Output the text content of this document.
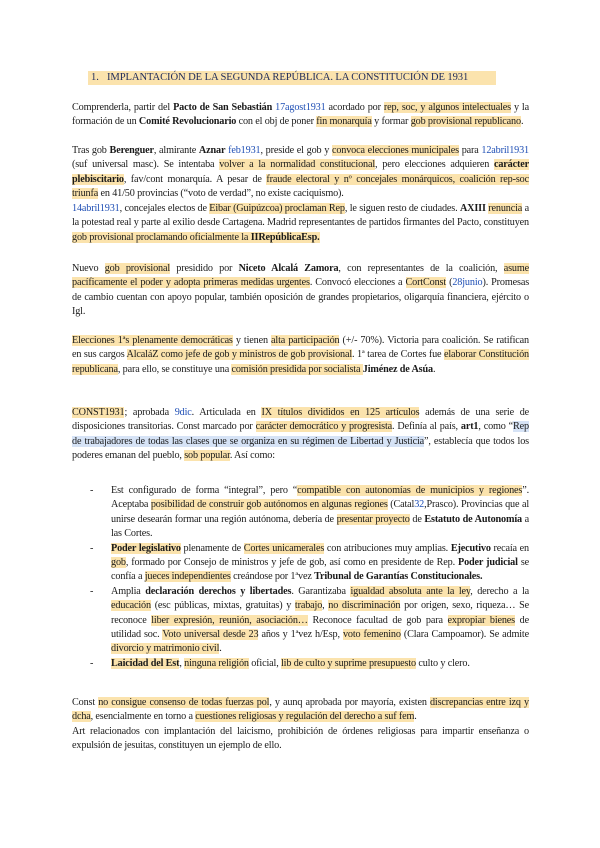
1. IMPLANTACIÓN DE LA SEGUNDA REPÚBLICA. LA CONSTITUCIÓN DE 1931
Comprenderla, partir del Pacto de San Sebastián 17agost1931 acordado por rep, soc, y algunos intelectuales y la formación de un Comité Revolucionario con el obj de poner fin monarquía y formar gob provisional republicano.
Tras gob Berenguer, almirante Aznar feb1931, preside el gob y convoca elecciones municipales para 12abril1931 (suf universal masc). Se intentaba volver a la normalidad constitucional, pero elecciones adquieren carácter plebiscitario, fav/cont monarquía. A pesar de fraude electoral y nº concejales monárquicos, coalición rep-soc triunfa en 41/50 provincias (“voto de verdad”, no existe caciquismo).
14abril1931, concejales electos de Eibar (Guipúzcoa) proclaman Rep, le siguen resto de ciudades. AXIII renuncia a la potestad real y parte al exilio desde Cartagena. Madrid representantes de partidos firmantes del Pacto, constituyen gob provisional proclamando oficialmente la IIRepúblicaEsp.
Nuevo gob provisional presidido por Niceto Alcalá Zamora, con representantes de la coalición, asume pacíficamente el poder y adopta primeras medidas urgentes. Convocó elecciones a CortConst (28junio). Promesas de cambio cuentan con apoyo popular, también oposición de grandes propietarios, oligarquía financiera, ejército o Igl.
Elecciones 1ªs plenamente democráticas y tienen alta participación (+/- 70%). Victoria para coalición. Se ratifican en sus cargos AlcaláZ como jefe de gob y ministros de gob provisional. 1ª tarea de Cortes fue elaborar Constitución republicana, para ello, se constituye una comisión presidida por socialista Jiménez de Asúa.
CONST1931; aprobada 9dic. Articulada en IX títulos divididos en 125 artículos además de una serie de disposiciones transitorias. Const marcado por carácter democrático y progresista. Definía al país, art1, como “Rep de trabajadores de todas las clases que se organiza en su régimen de Libertad y Justicia”, establecía que todos los poderes emanan del pueblo, sob popular. Así como:
- Est configurado de forma “integral”, pero “compatible con autonomías de municipios y regiones”. Aceptaba posibilidad de construir gob autónomos en algunas regiones (Catal32,Prasco). Provincias que al unirse desearán formar una región autónoma, debería de presentar proyecto de Estatuto de Autonomía a las Cortes.
- Poder legislativo plenamente de Cortes unicamerales con atribuciones muy amplias. Ejecutivo recaía en gob, formado por Consejo de ministros y jefe de gob, así como en presidente de Rep. Poder judicial se confía a jueces independientes creándose por 1ªvez Tribunal de Garantías Constitucionales.
- Amplia declaración derechos y libertades. Garantizaba igualdad absoluta ante la ley, derecho a la educación (esc públicas, mixtas, gratuitas) y trabajo, no discriminación por origen, sexo, riqueza… Se reconoce liber expresión, reunión, asociación… Reconoce facultad de gob para expropiar bienes de utilidad soc. Voto universal desde 23 años y 1ªvez h/Esp, voto femenino (Clara Campoamor). Se admite divorcio y matrimonio civil.
- Laicidad del Est, ninguna religión oficial, lib de culto y suprime presupuesto culto y clero.
Const no consigue consenso de todas fuerzas pol, y aunq aprobada por mayoría, existen discrepancias entre izq y dcha, esencialmente en torno a cuestiones religiosas y regulación del derecho a suf fem.
Art relacionados con implantación del laicismo, prohibición de órdenes religiosas para impartir enseñanza o expulsión de jesuitas, constituyen un ejemplo de ello.
